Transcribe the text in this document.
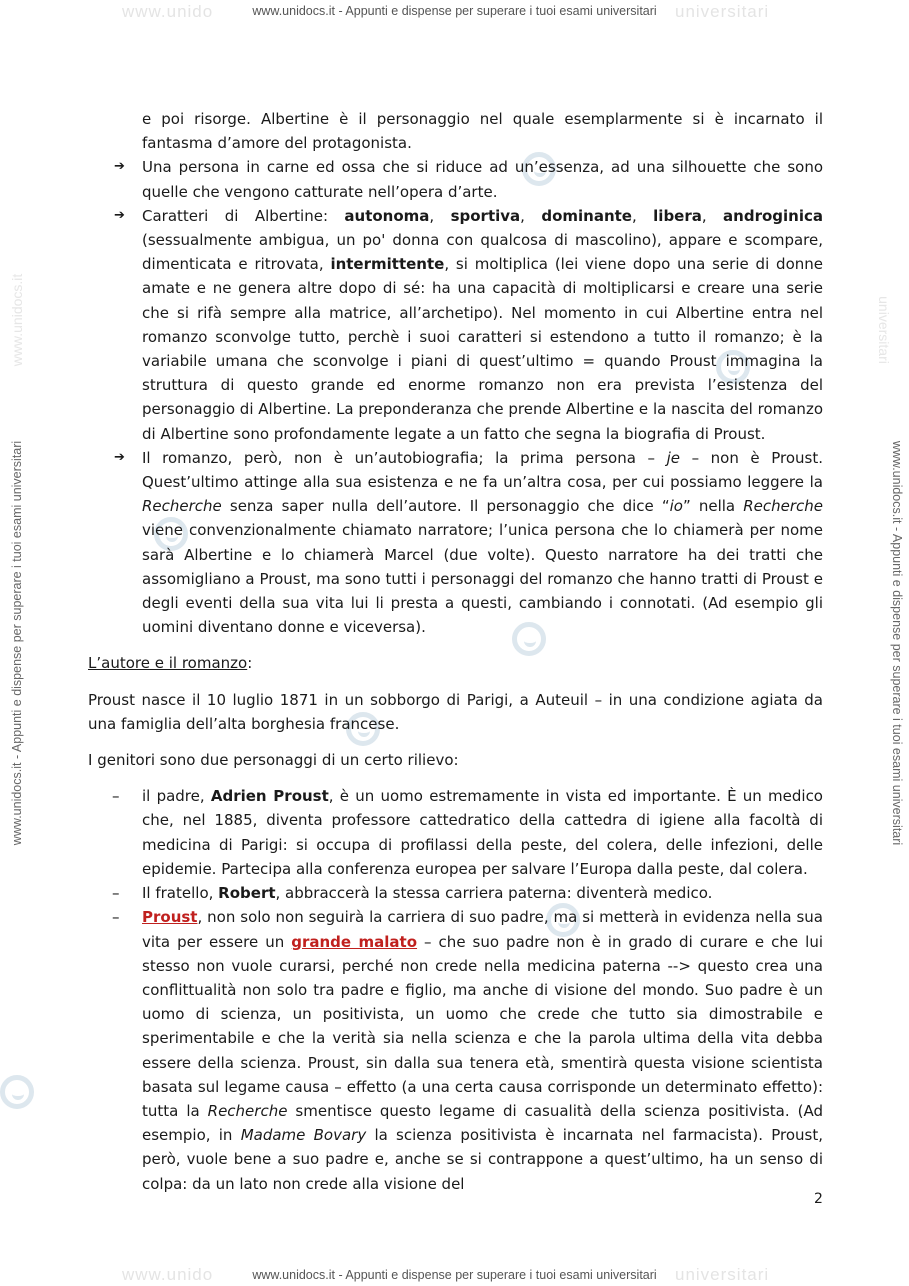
www.unido	universitari
www.unidocs.it - Appunti e dispense per superare i tuoi esami universitari
www.unido	universitari
www.unidocs.it - Appunti e dispense per superare i tuoi esami universitari
www.unidocs.it
www.unidocs.it - Appunti e dispense per superare i tuoi esami universitari
universitari
www.unidocs.it - Appunti e dispense per superare i tuoi esami universitari

e poi risorge. Albertine è il personaggio nel quale esemplarmente si è incarnato il fantasma d’amore del protagonista.

➔ Una persona in carne ed ossa che si riduce ad un’essenza, ad una silhouette che sono quelle che vengono catturate nell’opera d’arte.

➔ Caratteri di Albertine: autonoma, sportiva, dominante, libera, androginica (sessualmente ambigua, un po' donna con qualcosa di mascolino), appare e scompare, dimenticata e ritrovata, intermittente, si moltiplica (lei viene dopo una serie di donne amate e ne genera altre dopo di sé: ha una capacità di moltiplicarsi e creare una serie che si rifà sempre alla matrice, all’archetipo). Nel momento in cui Albertine entra nel romanzo sconvolge tutto, perchè i suoi caratteri si estendono a tutto il romanzo; è la variabile umana che sconvolge i piani di quest’ultimo = quando Proust immagina la struttura di questo grande ed enorme romanzo non era prevista l’esistenza del personaggio di Albertine. La preponderanza che prende Albertine e la nascita del romanzo di Albertine sono profondamente legate a un fatto che segna la biografia di Proust.

➔ Il romanzo, però, non è un’autobiografia; la prima persona – je – non è Proust. Quest’ultimo attinge alla sua esistenza e ne fa un’altra cosa, per cui possiamo leggere la Recherche senza saper nulla dell’autore. Il personaggio che dice “io” nella Recherche viene convenzionalmente chiamato narratore; l’unica persona che lo chiamerà per nome sarà Albertine e lo chiamerà Marcel (due volte). Questo narratore ha dei tratti che assomigliano a Proust, ma sono tutti i personaggi del romanzo che hanno tratti di Proust e degli eventi della sua vita lui li presta a questi, cambiando i connotati. (Ad esempio gli uomini diventano donne e viceversa).

L’autore e il romanzo:

Proust nasce il 10 luglio 1871 in un sobborgo di Parigi, a Auteuil – in una condizione agiata da una famiglia dell’alta borghesia francese.

I genitori sono due personaggi di un certo rilievo:

– il padre, Adrien Proust, è un uomo estremamente in vista ed importante. È un medico che, nel 1885, diventa professore cattedratico della cattedra di igiene alla facoltà di medicina di Parigi: si occupa di profilassi della peste, del colera, delle infezioni, delle epidemie. Partecipa alla conferenza europea per salvare l’Europa dalla peste, dal colera.

– Il fratello, Robert, abbraccerà la stessa carriera paterna: diventerà medico.

– Proust, non solo non seguirà la carriera di suo padre, ma si metterà in evidenza nella sua vita per essere un grande malato – che suo padre non è in grado di curare e che lui stesso non vuole curarsi, perché non crede nella medicina paterna --> questo crea una conflittualità non solo tra padre e figlio, ma anche di visione del mondo. Suo padre è un uomo di scienza, un positivista, un uomo che crede che tutto sia dimostrabile e sperimentabile e che la verità sia nella scienza e che la parola ultima della vita debba essere della scienza. Proust, sin dalla sua tenera età, smentirà questa visione scientista basata sul legame causa – effetto (a una certa causa corrisponde un determinato effetto): tutta la Recherche smentisce questo legame di casualità della scienza positivista. (Ad esempio, in Madame Bovary la scienza positivista è incarnata nel farmacista). Proust, però, vuole bene a suo padre e, anche se si contrappone a quest’ultimo, ha un senso di colpa: da un lato non crede alla visione del

2
